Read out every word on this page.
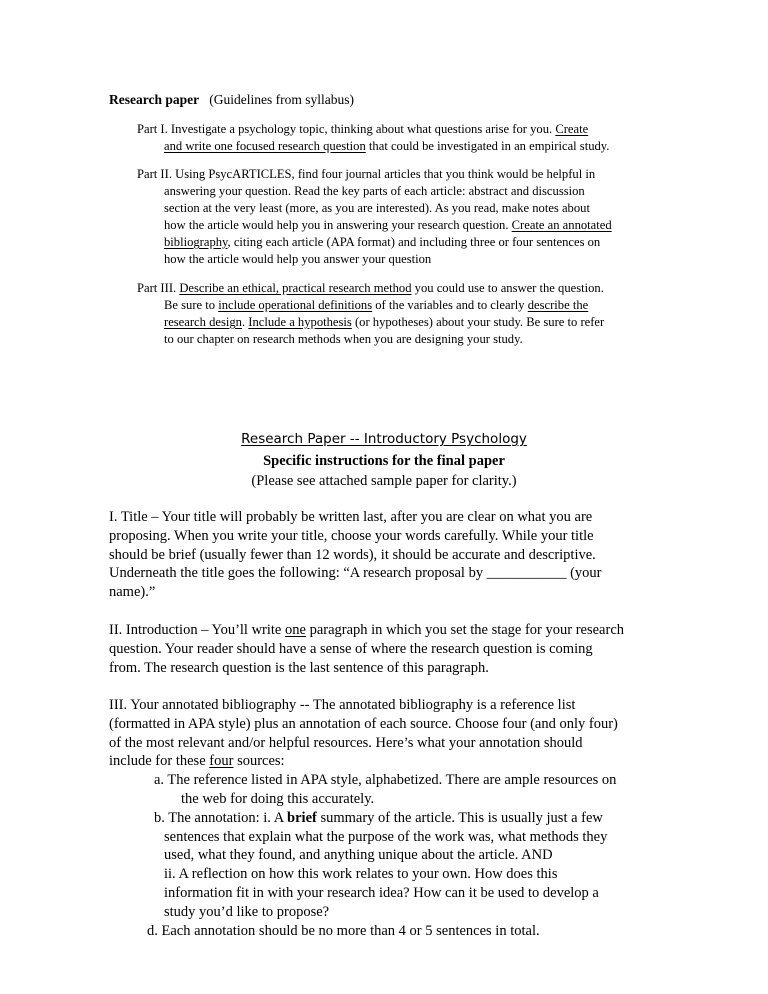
Research paper (Guidelines from syllabus)
Part I. Investigate a psychology topic, thinking about what questions arise for you. Create
and write one focused research question that could be investigated in an empirical study.
Part II. Using PsycARTICLES, find four journal articles that you think would be helpful in
answering your question. Read the key parts of each article: abstract and discussion
section at the very least (more, as you are interested). As you read, make notes about
how the article would help you in answering your research question. Create an annotated
bibliography, citing each article (APA format) and including three or four sentences on
how the article would help you answer your question
Part III. Describe an ethical, practical research method you could use to answer the question.
Be sure to include operational definitions of the variables and to clearly describe the
research design. Include a hypothesis (or hypotheses) about your study. Be sure to refer
to our chapter on research methods when you are designing your study.
Research Paper -- Introductory Psychology
Specific instructions for the final paper
(Please see attached sample paper for clarity.)
I. Title – Your title will probably be written last, after you are clear on what you are
proposing. When you write your title, choose your words carefully. While your title
should be brief (usually fewer than 12 words), it should be accurate and descriptive.
Underneath the title goes the following: “A research proposal by ___________ (your
name).”
II. Introduction – You’ll write one paragraph in which you set the stage for your research
question. Your reader should have a sense of where the research question is coming
from. The research question is the last sentence of this paragraph.
III. Your annotated bibliography -- The annotated bibliography is a reference list
(formatted in APA style) plus an annotation of each source. Choose four (and only four)
of the most relevant and/or helpful resources. Here’s what your annotation should
include for these four sources:
a. The reference listed in APA style, alphabetized. There are ample resources on
the web for doing this accurately.
b. The annotation: i. A brief summary of the article. This is usually just a few
sentences that explain what the purpose of the work was, what methods they
used, what they found, and anything unique about the article. AND
ii. A reflection on how this work relates to your own. How does this
information fit in with your research idea? How can it be used to develop a
study you’d like to propose?
d. Each annotation should be no more than 4 or 5 sentences in total.
